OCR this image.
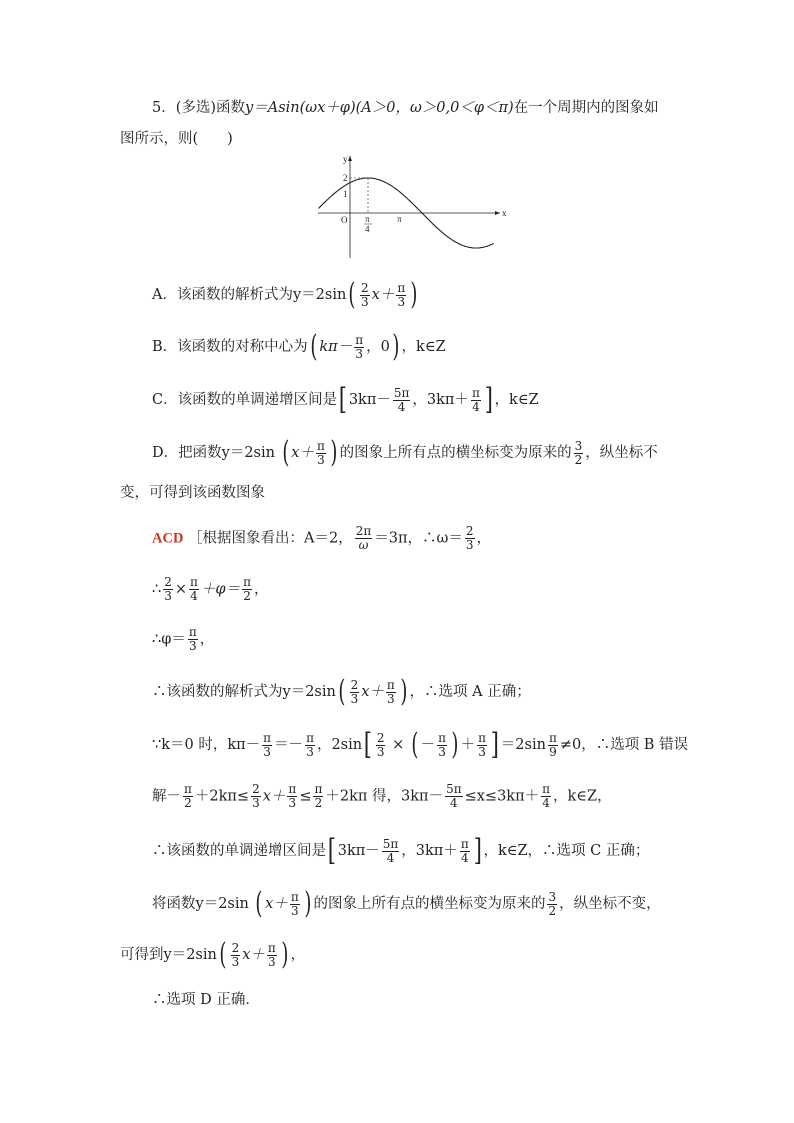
5．(多选)函数y＝Asin(ωx＋φ)(A＞0，ω＞0,0＜φ＜π)在一个周期内的图象如
图所示，则(　　)
y
x
O
2
1
π
4
π
A．该函数的解析式为$y=2\sin( \frac{2}{3} x+ \frac{\pi}{3}$ )
B．该函数的对称中心为( $k\pi- \frac{\pi}{3}$ ，0) ，k∈Z
C．该函数的单调递增区间是[ $3k\pi- \frac{5\pi}{4}$ ，$3k\pi+ \frac{\pi}{4}$ ] ，k∈Z
D．把函数y＝2sin ( $x+ \frac{\pi}{3}$ ) 的图象上所有点的横坐标变为原来的 $\frac{3}{2}$ ，纵坐标不
变，可得到该函数图象
ACD ［根据图象看出：A＝2， $\frac{2\pi}{\omega} =3\pi$，∴ω＝ $\frac{2}{3}$ ，
∴ $\frac{2}{3} \times \frac{\pi}{4} +\varphi= \frac{\pi}{2}$ ，
∴φ＝ $\frac{\pi}{3}$ ，
∴该函数的解析式为$y=2\sin( \frac{2}{3} x+ \frac{\pi}{3}$ ) ，∴选项 A 正确；
∵k＝0 时，$k\pi- \frac{\pi}{3} =- \frac{\pi}{3}$ ，$2\sin[ \frac{2}{3}$ × ( － $\frac{\pi}{3}$ ) ＋ $\frac{\pi}{3}$ ] $=2\sin \frac{\pi}{9} \ne 0$，∴选项 B 错误
解－ $\frac{\pi}{2} +2k\pi\le \frac{2}{3} x+ \frac{\pi}{3} \le \frac{\pi}{2} +2k\pi$ 得，$3k\pi- \frac{5\pi}{4} \le x\le 3k\pi+ \frac{\pi}{4}$ ，k∈Z，
∴该函数的单调递增区间是[ $3k\pi- \frac{5\pi}{4}$ ，$3k\pi+ \frac{\pi}{4}$ ] ，k∈Z，∴选项 C 正确；
将函数y＝2sin ( $x+ \frac{\pi}{3}$ ) 的图象上所有点的横坐标变为原来的 $\frac{3}{2}$ ，纵坐标不变，
可得到$y=2\sin( \frac{2}{3} x+ \frac{\pi}{3}$ ) ，
∴选项 D 正确．
